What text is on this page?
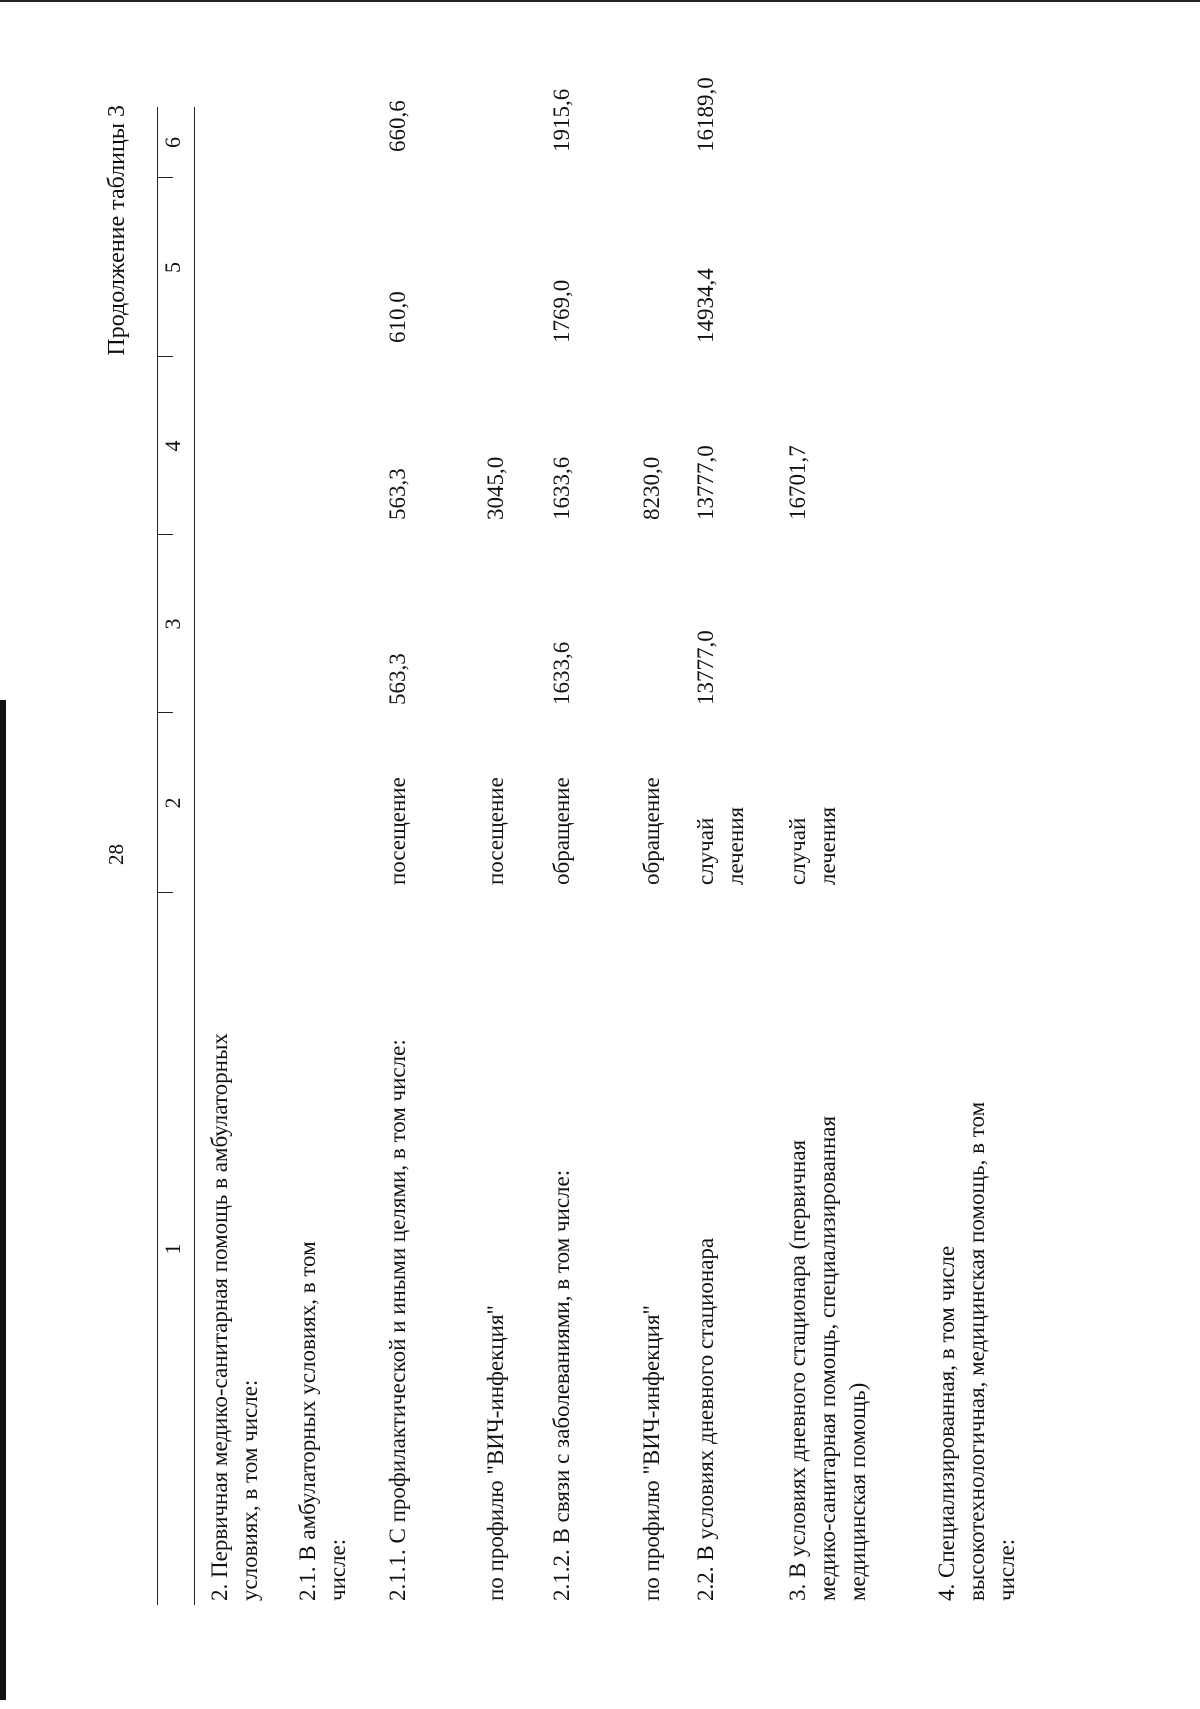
28
Продолжение таблицы 3
1
2
3
4
5
6
2. Первичная медико-санитарная помощь в амбулаторных условиях, в том числе: 2.1. В амбулаторных условиях, в том числе: 2.1.1. С профилактической и иными целями, в том числе:
посещение
563,3
563,3
610,0
660,6
по профилю "ВИЧ-инфекция"
посещение
3045,0
2.1.2. В связи с заболеваниями, в том числе:
обращение
1633,6
1633,6
1769,0
1915,6
по профилю "ВИЧ-инфекция"
обращение
8230,0
2.2. В условиях дневного стационара
случай лечения
13777,0
13777,0
14934,4
16189,0
3. В условиях дневного стационара (первичная медико-санитарная помощь, специализированная медицинская помощь)
случай лечения
16701,7
4. Специализированная, в том числе высокотехнологичная, медицинская помощь, в том числе:
